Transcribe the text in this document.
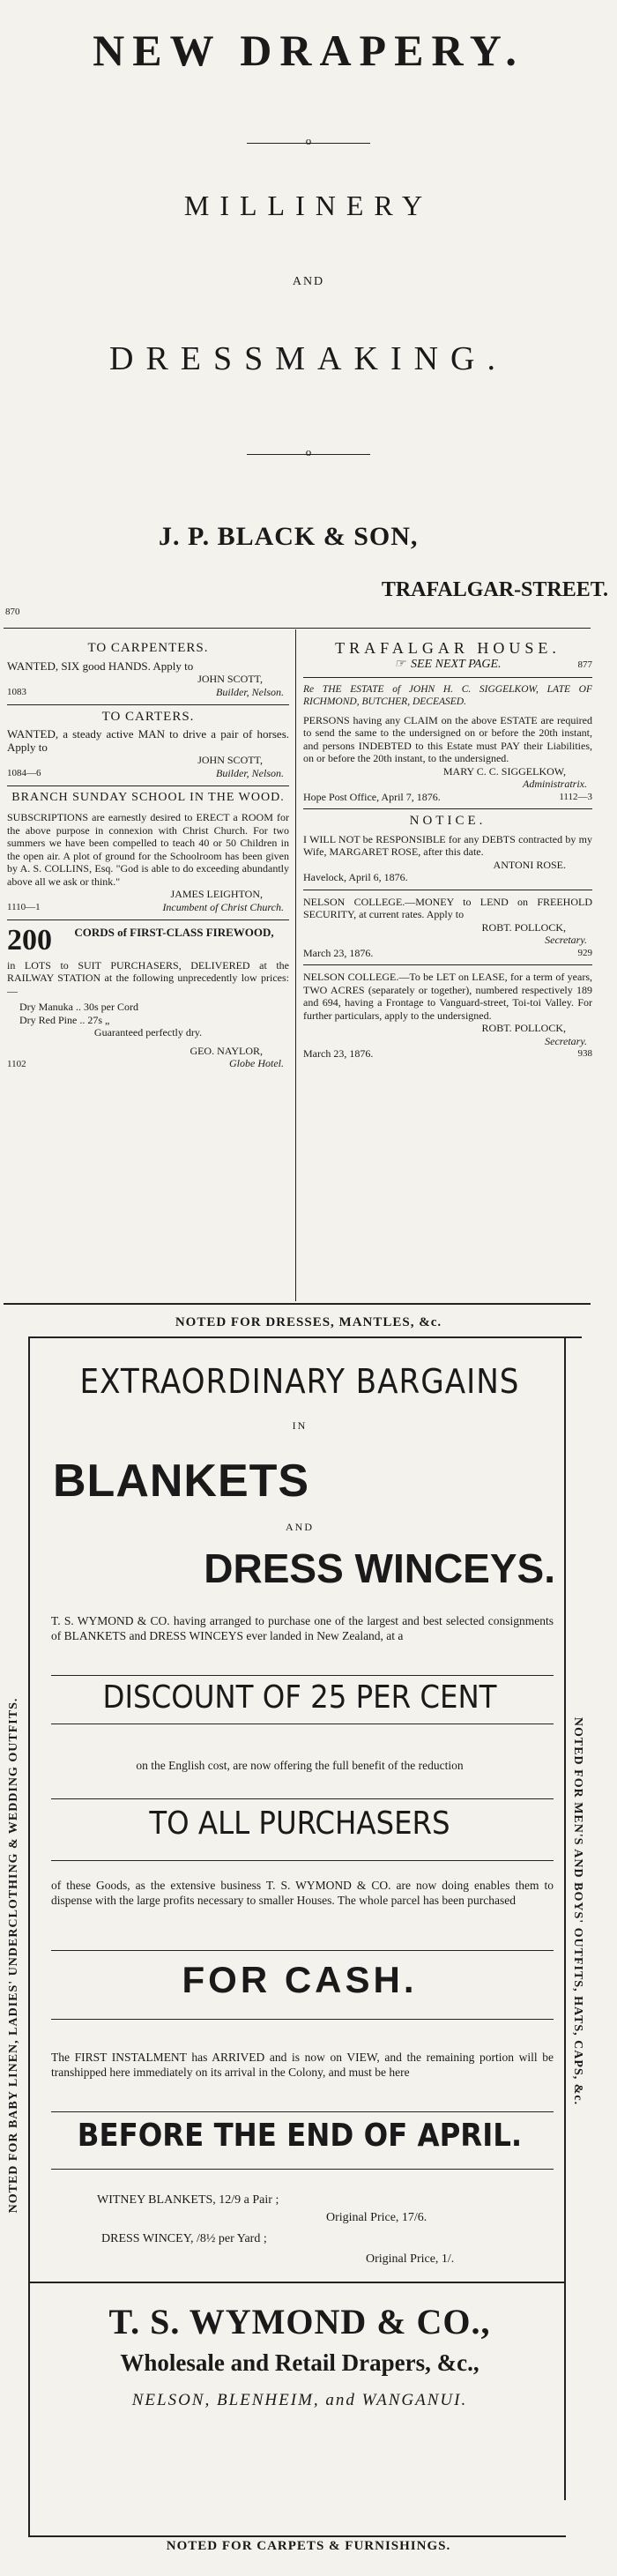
NEW DRAPERY.
o
MILLINERY
AND
DRESSMAKING.
o
J. P. BLACK & SON,
TRAFALGAR-STREET.
870
TO CARPENTERS.

WANTED, SIX good HANDS. Apply to

JOHN SCOTT,

Builder, Nelson.

1083

TO CARTERS.

WANTED, a steady active MAN to drive a pair of horses. Apply to

JOHN SCOTT,

Builder, Nelson.

1084—6

BRANCH SUNDAY SCHOOL IN THE WOOD.

SUBSCRIPTIONS are earnestly desired to ERECT a ROOM for the above purpose in connexion with Christ Church. For two summers we have been compelled to teach 40 or 50 Children in the open air. A plot of ground for the Schoolroom has been given by A. S. COLLINS, Esq. "God is able to do exceeding abundantly above all we ask or think."

JAMES LEIGHTON,

Incumbent of Christ Church.

1110—1

200	CORDS of FIRST-CLASS FIREWOOD,

in LOTS to SUIT PURCHASERS, DELIVERED at the RAILWAY STATION at the following unprecedently low prices:—

Dry Manuka .. 30s per Cord

Dry Red Pine .. 27s „

Guaranteed perfectly dry.

GEO. NAYLOR,

Globe Hotel.

1102

TRAFALGAR HOUSE.
☞ SEE NEXT PAGE.	877

Re THE ESTATE of JOHN H. C. SIGGELKOW, LATE OF RICHMOND, BUTCHER, DECEASED.

PERSONS having any CLAIM on the above ESTATE are required to send the same to the undersigned on or before the 20th instant, and persons INDEBTED to this Estate must PAY their Liabilities, on or before the 20th instant, to the undersigned.

MARY C. C. SIGGELKOW,

Administratrix.

Hope Post Office, April 7, 1876.	1112—3
NOTICE.

I WILL NOT be RESPONSIBLE for any DEBTS contracted by my Wife, MARGARET ROSE, after this date.

ANTONI ROSE.

Havelock, April 6, 1876.

NELSON COLLEGE.—MONEY to LEND on FREEHOLD SECURITY, at current rates. Apply to

ROBT. POLLOCK,

Secretary.

March 23, 1876.	929

NELSON COLLEGE.—To be LET on LEASE, for a term of years, TWO ACRES (separately or together), numbered respectively 189 and 694, having a Frontage to Vanguard-street, Toi-toi Valley. For further particulars, apply to the undersigned.

ROBT. POLLOCK,

Secretary.

March 23, 1876.	938
NOTED FOR DRESSES, MANTLES, &c.
NOTED FOR BABY LINEN, LADIES' UNDERCLOTHING & WEDDING OUTFITS.	NOTED FOR MEN'S AND BOYS' OUTFITS, HATS, CAPS, &c.
EXTRAORDINARY BARGAINS
IN
BLANKETS
AND
DRESS WINCEYS.
T. S. WYMOND & CO. having arranged to purchase one of the largest and best selected consignments of BLANKETS and DRESS WINCEYS ever landed in New Zealand, at a
DISCOUNT OF 25 PER CENT
on the English cost, are now offering the full benefit of the reduction
TO ALL PURCHASERS
of these Goods, as the extensive business T. S. WYMOND & CO. are now doing enables them to dispense with the large profits necessary to smaller Houses. The whole parcel has been purchased
FOR CASH.
The FIRST INSTALMENT has ARRIVED and is now on VIEW, and the remaining portion will be transhipped here immediately on its arrival in the Colony, and must be here
BEFORE THE END OF APRIL.
WITNEY BLANKETS, 12/9 a Pair ;
Original Price, 17/6.
DRESS WINCEY, /8½ per Yard ;
Original Price, 1/.
T. S. WYMOND & CO.,
Wholesale and Retail Drapers, &c.,
NELSON, BLENHEIM, and WANGANUI.
NOTED FOR CARPETS & FURNISHINGS.
